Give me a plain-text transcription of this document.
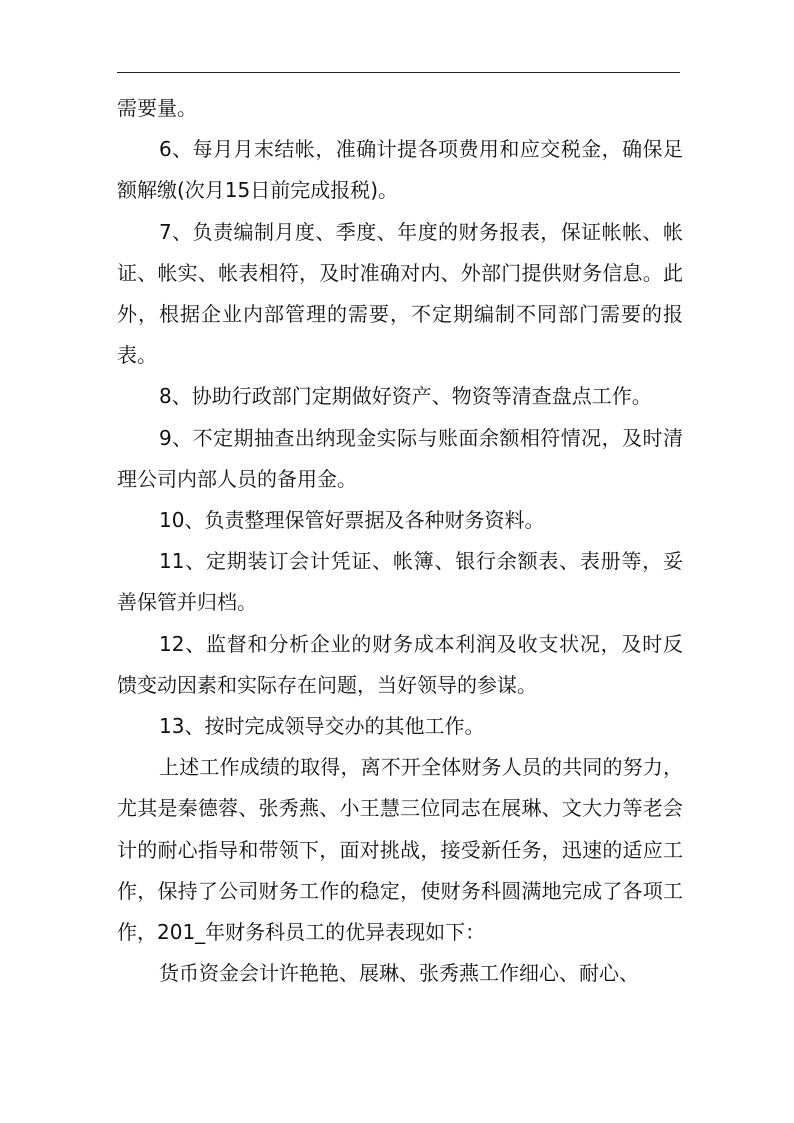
需要量。

6、每月月末结帐，准确计提各项费用和应交税金，确保足额解缴(次月15日前完成报税)。

7、负责编制月度、季度、年度的财务报表，保证帐帐、帐证、帐实、帐表相符，及时准确对内、外部门提供财务信息。此外，根据企业内部管理的需要，不定期编制不同部门需要的报表。

8、协助行政部门定期做好资产、物资等清查盘点工作。

9、不定期抽查出纳现金实际与账面余额相符情况，及时清理公司内部人员的备用金。

10、负责整理保管好票据及各种财务资料。

11、定期装订会计凭证、帐簿、银行余额表、表册等，妥善保管并归档。

12、监督和分析企业的财务成本利润及收支状况，及时反馈变动因素和实际存在问题，当好领导的参谋。

13、按时完成领导交办的其他工作。

上述工作成绩的取得，离不开全体财务人员的共同的努力，尤其是秦德蓉、张秀燕、小王慧三位同志在展琳、文大力等老会计的耐心指导和带领下，面对挑战，接受新任务，迅速的适应工作，保持了公司财务工作的稳定，使财务科圆满地完成了各项工作，201_年财务科员工的优异表现如下：

货币资金会计许艳艳、展琳、张秀燕工作细心、耐心、
